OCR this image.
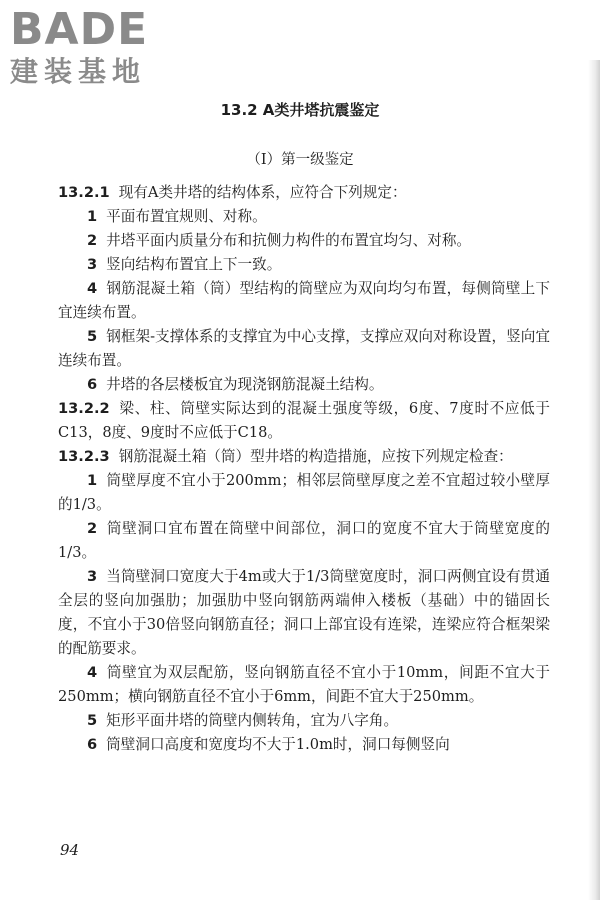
BADE
建装基地
13.2 A类井塔抗震鉴定
（Ⅰ）第一级鉴定

13.2.1 现有A类井塔的结构体系，应符合下列规定：

1 平面布置宜规则、对称。

2 井塔平面内质量分布和抗侧力构件的布置宜均匀、对称。

3 竖向结构布置宜上下一致。

4 钢筋混凝土箱（筒）型结构的筒壁应为双向均匀布置，每侧筒壁上下宜连续布置。

5 钢框架-支撑体系的支撑宜为中心支撑，支撑应双向对称设置，竖向宜连续布置。

6 井塔的各层楼板宜为现浇钢筋混凝土结构。

13.2.2 梁、柱、筒壁实际达到的混凝土强度等级，6度、7度时不应低于C13，8度、9度时不应低于C18。

13.2.3 钢筋混凝土箱（筒）型井塔的构造措施，应按下列规定检查：

1 筒壁厚度不宜小于200mm；相邻层筒壁厚度之差不宜超过较小壁厚的1/3。

2 筒壁洞口宜布置在筒壁中间部位，洞口的宽度不宜大于筒壁宽度的1/3。

3 当筒壁洞口宽度大于4m或大于1/3筒壁宽度时，洞口两侧宜设有贯通全层的竖向加强肋；加强肋中竖向钢筋两端伸入楼板（基础）中的锚固长度，不宜小于30倍竖向钢筋直径；洞口上部宜设有连梁，连梁应符合框架梁的配筋要求。

4 筒壁宜为双层配筋，竖向钢筋直径不宜小于10mm，间距不宜大于250mm；横向钢筋直径不宜小于6mm，间距不宜大于250mm。

5 矩形平面井塔的筒壁内侧转角，宜为八字角。

6 筒壁洞口高度和宽度均不大于1.0m时，洞口每侧竖向

94
